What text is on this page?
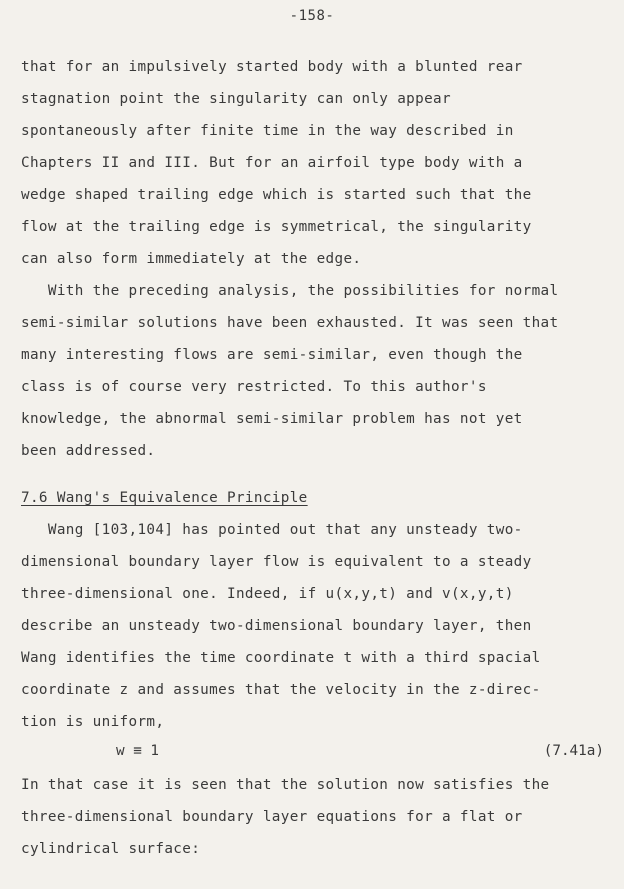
-158-
that for an impulsively started body with a blunted rear
stagnation point the singularity can only appear
spontaneously after finite time in the way described in
Chapters II and III. But for an airfoil type body with a
wedge shaped trailing edge which is started such that the
flow at the trailing edge is symmetrical, the singularity
can also form immediately at the edge.
With the preceding analysis, the possibilities for normal
semi-similar solutions have been exhausted. It was seen that
many interesting flows are semi-similar, even though the
class is of course very restricted. To this author's
knowledge, the abnormal semi-similar problem has not yet
been addressed.
7.6 Wang's Equivalence Principle
Wang [103,104] has pointed out that any unsteady two-
dimensional boundary layer flow is equivalent to a steady
three-dimensional one. Indeed, if u(x,y,t) and v(x,y,t)
describe an unsteady two-dimensional boundary layer, then
Wang identifies the time coordinate t with a third spacial
coordinate z and assumes that the velocity in the z-direc-
tion is uniform,
w ≡ 1	(7.41a)
In that case it is seen that the solution now satisfies the
three-dimensional boundary layer equations for a flat or
cylindrical surface:
